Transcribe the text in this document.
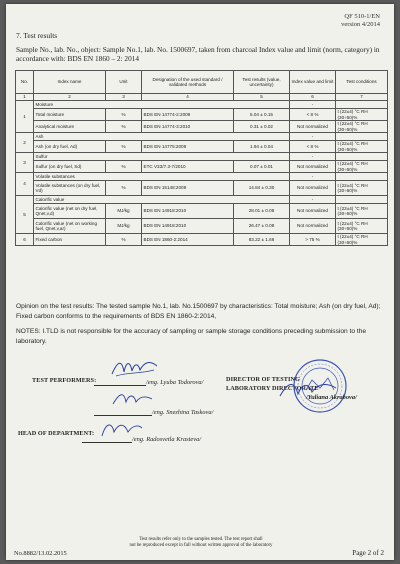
QF 510-1/EN
version 4/2014
7. Test results
Sample No., lab. No., object: Sample No.1, lab. No. 1500697, taken from charcoal Index value and limit (norm, category) in accordance with: BDS EN 1860 – 2: 2014
No.	Index name	Unit	Designation of the used standard / validated methods	Test results (value, uncertainty)	Index value and limit	Test conditions
1	2	3	4	5	6	7
1	Moisture				-	
	Total moisture	%	BDS EN 14774-2:2009	5.04 ± 0.15	< 8 %	t (22±4) °C RH (30÷60)%
	Analytical moisture	%	BDS EN 14774-3:2010	0.31 ± 0.02	Not normalized	t (22±4) °C RH (30÷60)%
2	Ash				-	
	Ash (on dry fuel, Ad)	%	BDS EN 14775:2009	1.94 ± 0.04	< 8 %	t (22±4) °C RH (30÷60)%
3	Sulfur				-	
	Sulfur (on dry fuel, Sd)	%	ETC V3З/7.3-7/2010	0.07 ± 0.01	Not normalized	t (22±4) °C RH (30÷60)%
4	Volatile substances				-	
	Volatile substances (on dry fuel, Vd)	%	BDS EN 15148:2009	14.84 ± 0.30	Not normalized	t (22±4) °C RH (30÷60)%
5	Calorific value				-	
	Calorific value (net on dry fuel, Qnet,v,d)	MJ/kg	BDS EN 14918:2010	28.01 ± 0.08	Not normalized	t (22±4) °C RH (30÷60)%
	Calorific value (net on working fuel, Qnet,v,ar)	MJ/kg	BDS EN 14918:2010	26.47 ± 0.08	Not normalized	t (22±4) °C RH (30÷60)%
6	Fixed carbon	%	BDS EN 1860-2:2014	83.22 ± 1.66	> 75 %	t (22±4) °C RH (30÷60)%
Opinion on the test results: The tested sample No.1, lab. No.1500697 by characteristics: Total moisture; Ash (on dry fuel, Ad); Fixed carbon conforms to the requirements of BDS EN 1860-2:2014,
NOTES: I.TLD is not responsible for the accuracy of sampling or sample storage conditions preceding submission to the laboratory.
TEST PERFORMERS:	/eng. Lyuba Todorova/
/eng. Snezhina Taskova/
DIRECTOR OF TESTING
LABORATORY DIRECTORATE
/Yuliana Akrabova/
HEAD OF DEPARTMENT:
/eng. Radosvetla Krasteva/
Test results refer only to the samples tested. The test report shall
not be reproduced except in full without written approval of the laboratory
No.8882/13.02.2015	Page 2 of 2
